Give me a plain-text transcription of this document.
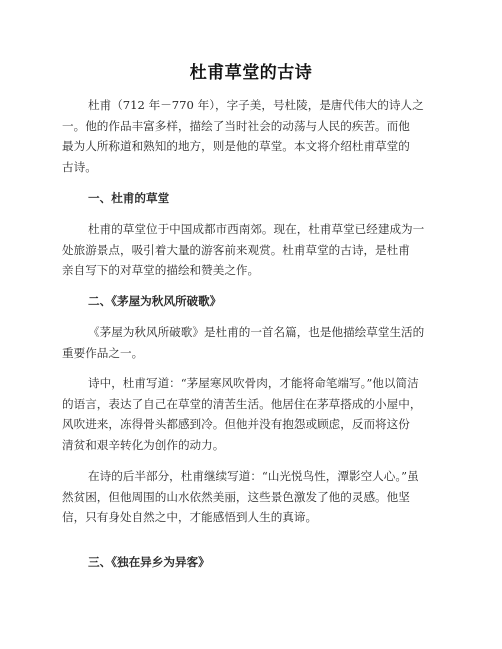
杜甫草堂的古诗

杜甫（712 年－770 年），字子美，号杜陵，是唐代伟大的诗人之
一。他的作品丰富多样，描绘了当时社会的动荡与人民的疾苦。而他
最为人所称道和熟知的地方，则是他的草堂。本文将介绍杜甫草堂的
古诗。

一、杜甫的草堂

杜甫的草堂位于中国成都市西南郊。现在，杜甫草堂已经建成为一
处旅游景点，吸引着大量的游客前来观赏。杜甫草堂的古诗，是杜甫
亲自写下的对草堂的描绘和赞美之作。

二、《茅屋为秋风所破歌》

《茅屋为秋风所破歌》是杜甫的一首名篇，也是他描绘草堂生活的
重要作品之一。

诗中，杜甫写道：“茅屋寒风吹骨肉，才能将命笔端写。”他以简洁
的语言，表达了自己在草堂的清苦生活。他居住在茅草搭成的小屋中，
风吹进来，冻得骨头都感到冷。但他并没有抱怨或顾虑，反而将这份
清贫和艰辛转化为创作的动力。

在诗的后半部分，杜甫继续写道：“山光悦鸟性，潭影空人心。”虽
然贫困，但他周围的山水依然美丽，这些景色激发了他的灵感。他坚
信，只有身处自然之中，才能感悟到人生的真谛。

三、《独在异乡为异客》
